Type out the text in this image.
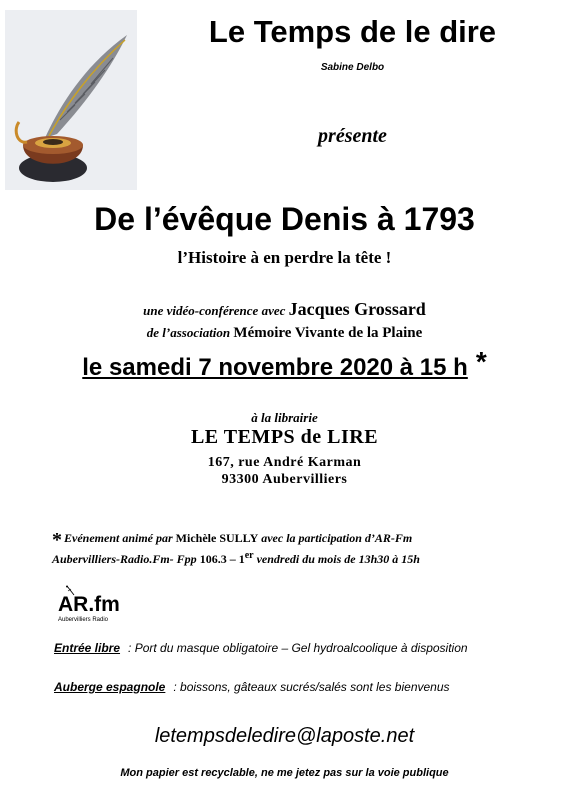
Le Temps de le dire
Sabine Delbo
présente
De l’évêque Denis à 1793
l’Histoire à en perdre la tête !
une vidéo-conférence avec Jacques Grossard
de l’association Mémoire Vivante de la Plaine
le samedi 7 novembre 2020 à 15 h *
à la librairie
LE TEMPS de LIRE
167, rue André Karman
93300 Aubervilliers
* Evénement animé par Michèle SULLY avec la participation d’AR-Fm
Aubervilliers-Radio.Fm- Fpp 106.3 – 1er vendredi du mois de 13h30 à 15h
AR.fm
Aubervilliers Radio
Entrée libre : Port du masque obligatoire – Gel hydroalcoolique à disposition
Auberge espagnole : boissons, gâteaux sucrés/salés sont les bienvenus
letempsdeledire@laposte.net
Mon papier est recyclable, ne me jetez pas sur la voie publique
